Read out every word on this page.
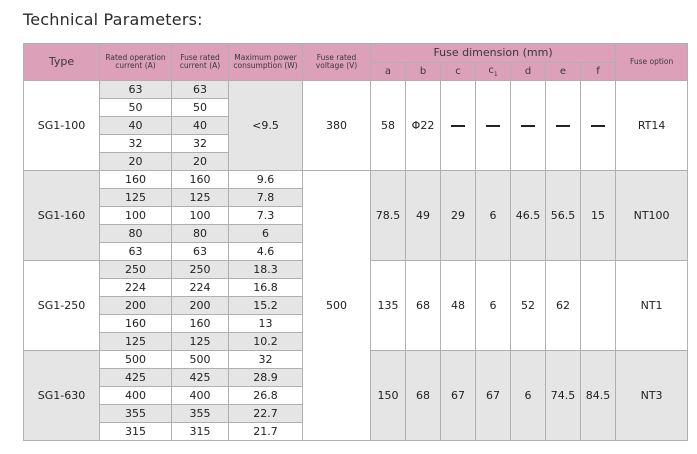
Technical Parameters:
Type	Rated operation current (A)	Fuse rated current (A)	Maximum power consumption (W)	Fuse rated voltage (V)	Fuse dimension (mm)							Fuse option
					a	b	c	$c_1$	d	e	f	
SG1-100	63	63	<9.5	380	58	Φ22						RT14
	50	50										
	40	40										
	32	32										
	20	20										
SG1-160	160	160	9.6	500	78.5	49	29	6	46.5	56.5	15	NT100
	125	125	7.8									
	100	100	7.3									
	80	80	6									
	63	63	4.6									
SG1-250	250	250	18.3		135	68	48	6	52	62		NT1
	224	224	16.8									
	200	200	15.2									
	160	160	13									
	125	125	10.2									
SG1-630	500	500	32		150	68	67	67	6	74.5	84.5	NT3
	425	425	28.9									
	400	400	26.8									
	355	355	22.7									
	315	315	21.7									
